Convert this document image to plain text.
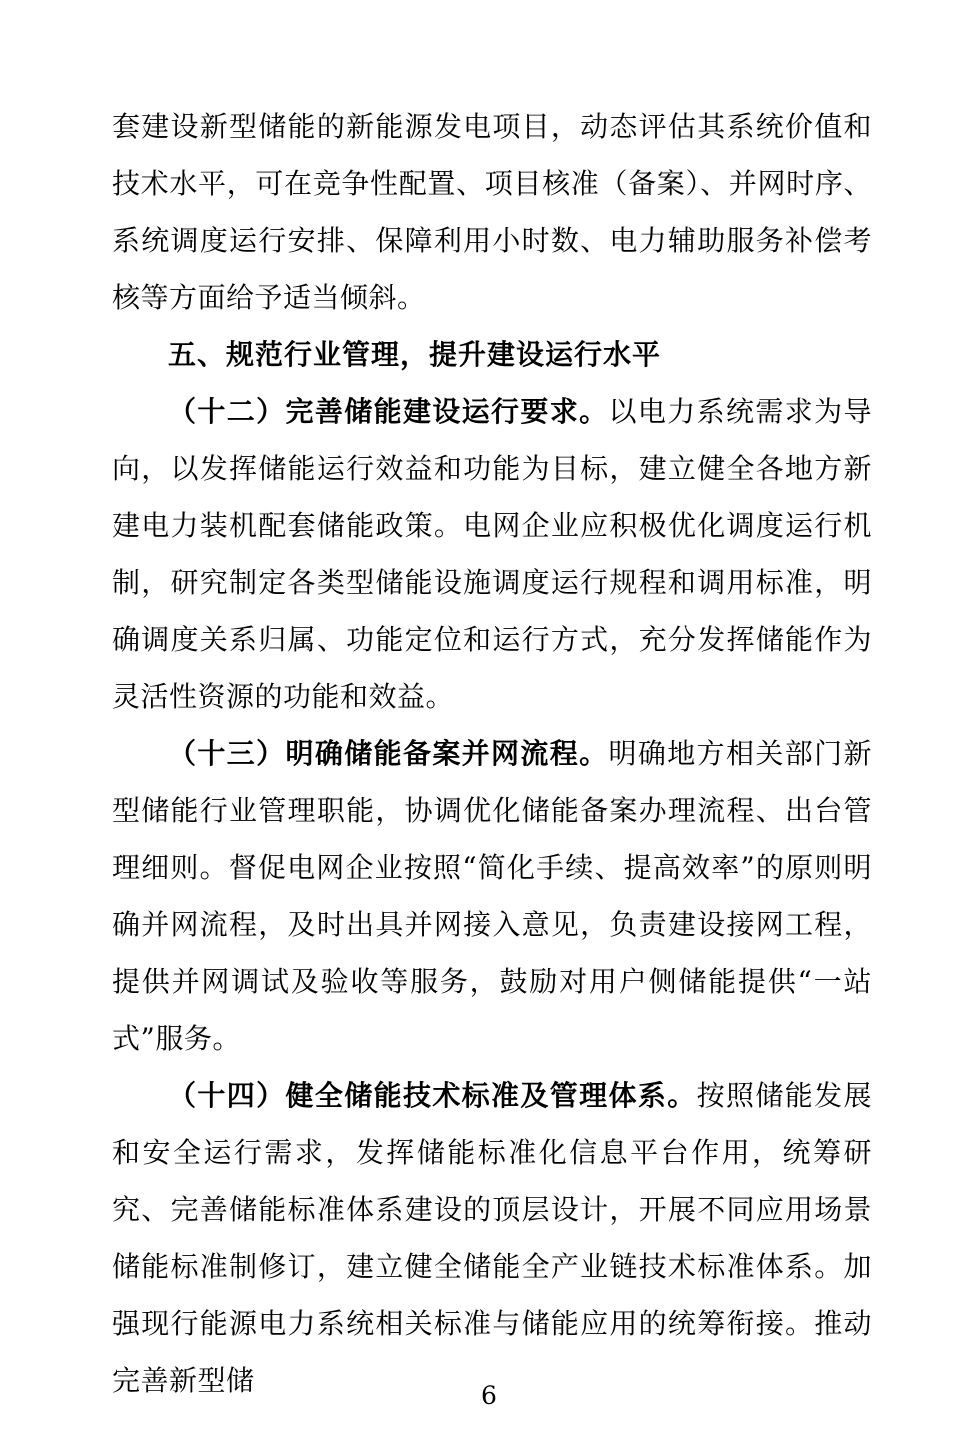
套建设新型储能的新能源发电项目，动态评估其系统价值和技术水平，可在竞争性配置、项目核准（备案）、并网时序、系统调度运行安排、保障利用小时数、电力辅助服务补偿考核等方面给予适当倾斜。

五、规范行业管理，提升建设运行水平

（十二）完善储能建设运行要求。以电力系统需求为导向，以发挥储能运行效益和功能为目标，建立健全各地方新建电力装机配套储能政策。电网企业应积极优化调度运行机制，研究制定各类型储能设施调度运行规程和调用标准，明确调度关系归属、功能定位和运行方式，充分发挥储能作为灵活性资源的功能和效益。

（十三）明确储能备案并网流程。明确地方相关部门新型储能行业管理职能，协调优化储能备案办理流程、出台管理细则。督促电网企业按照“简化手续、提高效率”的原则明确并网流程，及时出具并网接入意见，负责建设接网工程，提供并网调试及验收等服务，鼓励对用户侧储能提供“一站式”服务。

（十四）健全储能技术标准及管理体系。按照储能发展和安全运行需求，发挥储能标准化信息平台作用，统筹研究、完善储能标准体系建设的顶层设计，开展不同应用场景储能标准制修订，建立健全储能全产业链技术标准体系。加强现行能源电力系统相关标准与储能应用的统筹衔接。推动完善新型储	6
